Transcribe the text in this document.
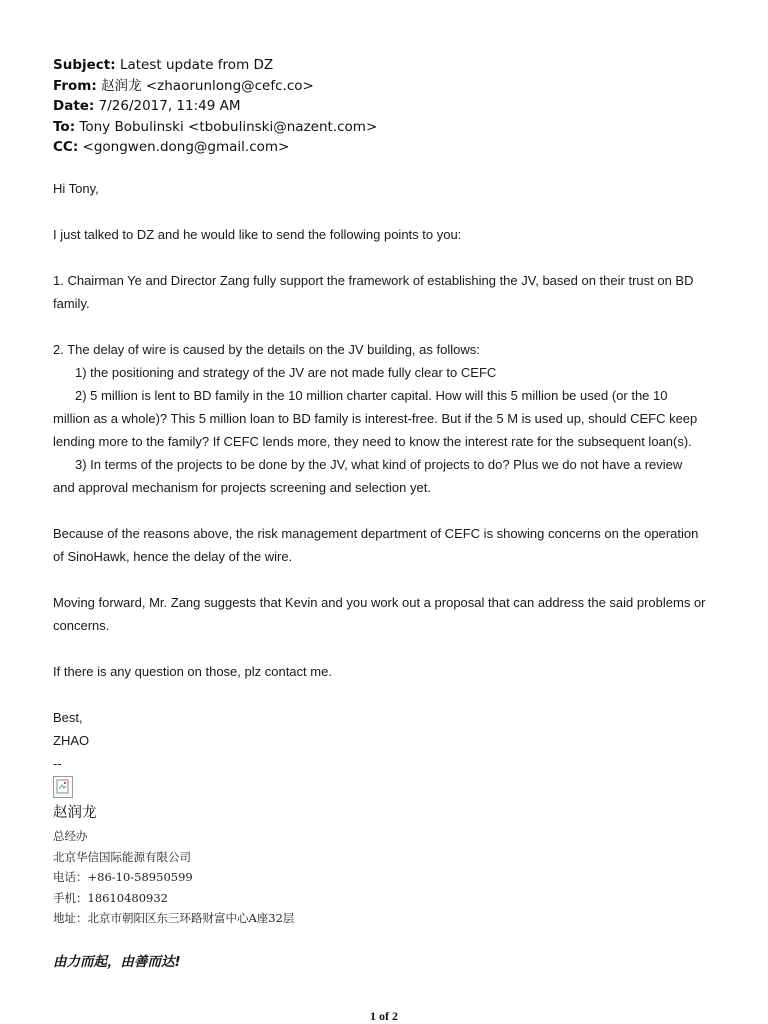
Subject: Latest update from DZ
From: 赵润龙 <zhaorunlong@cefc.co>
Date: 7/26/2017, 11:49 AM
To: Tony Bobulinski <tbobulinski@nazent.com>
CC: <gongwen.dong@gmail.com>

Hi Tony,

I just talked to DZ and he would like to send the following points to you:

1. Chairman Ye and Director Zang fully support the framework of establishing the JV, based on their trust on BD

family.

2. The delay of wire is caused by the details on the JV building, as follows:

1) the positioning and strategy of the JV are not made fully clear to CEFC

2) 5 million is lent to BD family in the 10 million charter capital. How will this 5 million be used (or the 10

million as a whole)? This 5 million loan to BD family is interest-free. But if the 5 M is used up, should CEFC keep

lending more to the family? If CEFC lends more, they need to know the interest rate for the subsequent loan(s).

3) In terms of the projects to be done by the JV, what kind of projects to do? Plus we do not have a review

and approval mechanism for projects screening and selection yet.

Because of the reasons above, the risk management department of CEFC is showing concerns on the operation

of SinoHawk, hence the delay of the wire.

Moving forward, Mr. Zang suggests that Kevin and you work out a proposal that can address the said problems or

concerns.

If there is any question on those, plz contact me.

Best,

ZHAO

--

赵润龙
总经办
北京华信国际能源有限公司
电话：+86-10-58950599
手机：18610480932
地址：北京市朝阳区东三环路财富中心A座32层
由力而起，由善而达!
1 of 2
